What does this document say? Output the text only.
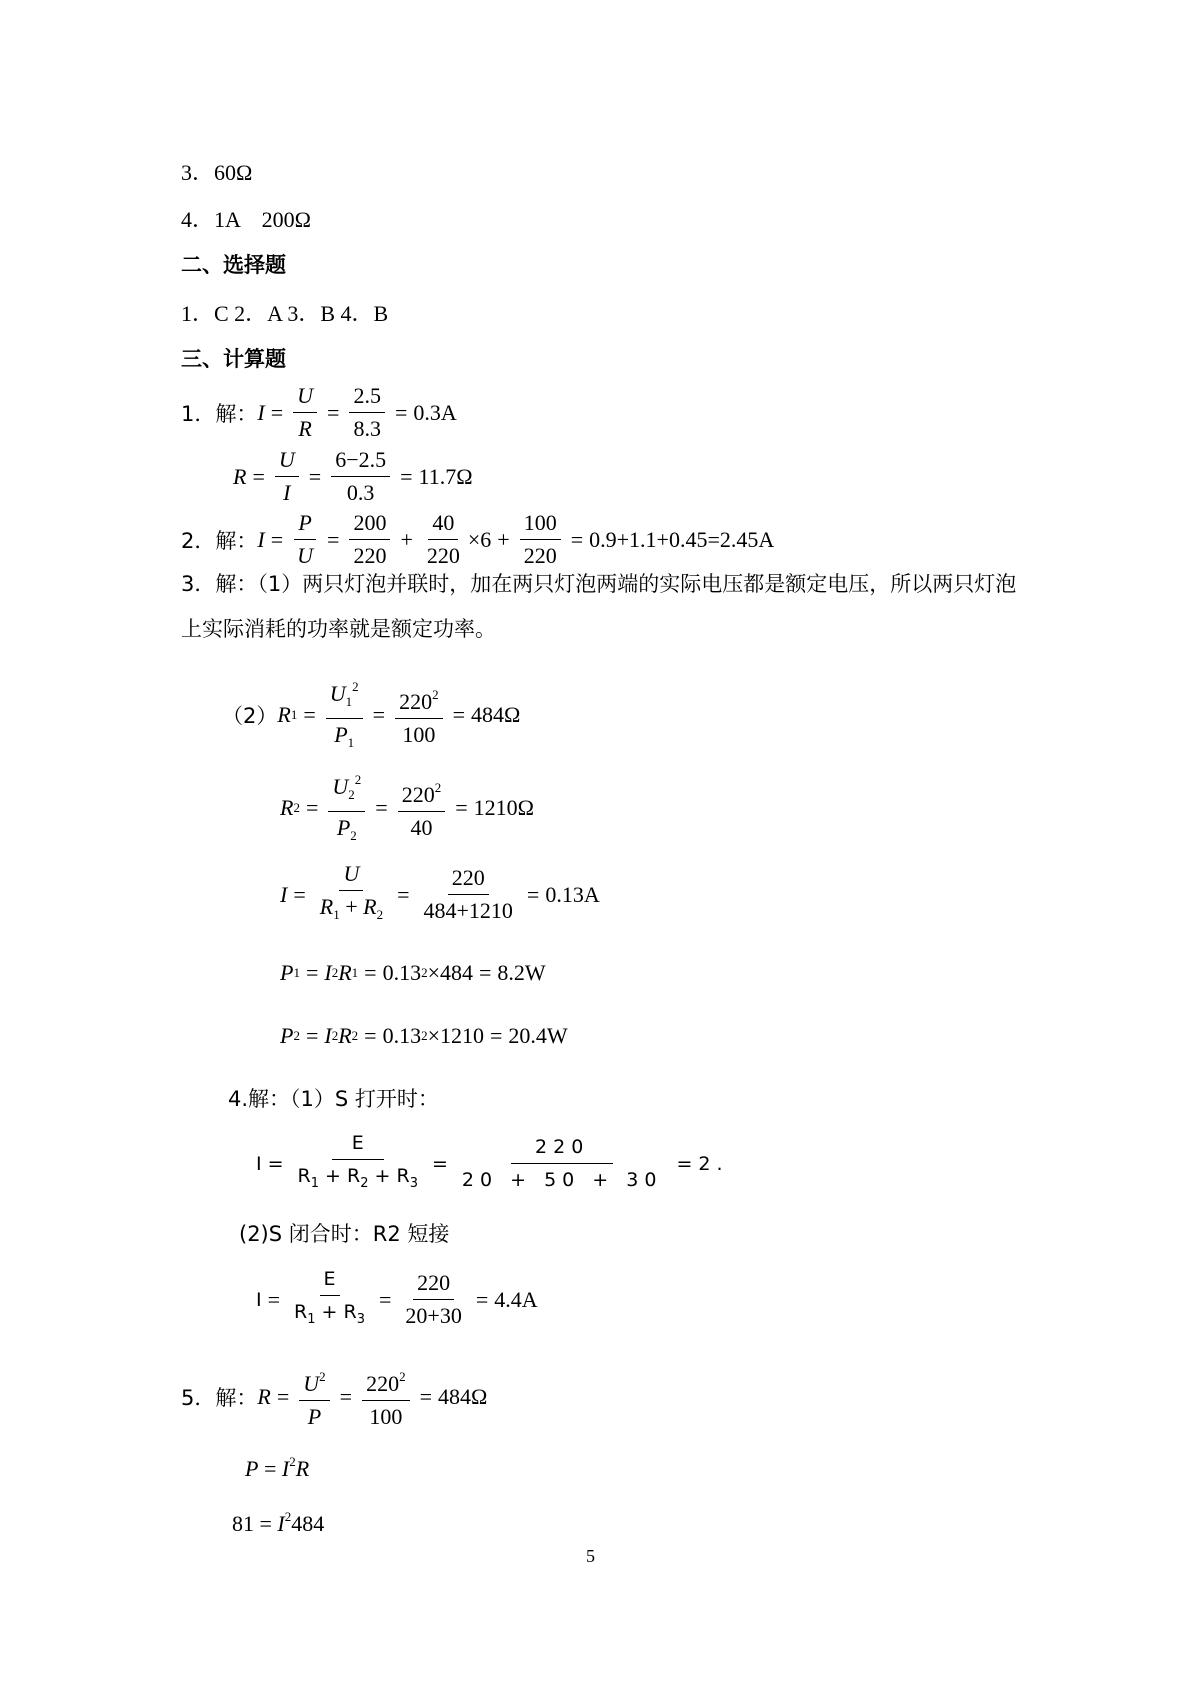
3．60Ω
4．1A　200Ω
二、选择题
1．C 2．A 3．B 4．B
三、计算题
1．解： $I = \frac{U}{R} = \frac{2.5}{8.3} = 0.3A$
$R = \frac{U}{I} = \frac{6-2.5}{0.3} = 11.7\Omega$
2．解： $I = \frac{P}{U} = \frac{200}{220} + \frac{40}{220} \times 6 + \frac{100}{220} = 0.9+1.1+0.45=2.45A$
3．解：（1）两只灯泡并联时，加在两只灯泡两端的实际电压都是额定电压，所以两只灯泡上实际消耗的功率就是额定功率。
（2） R $1 = \frac{U_1^2}{P_1} = \frac{220^2}{100} = 484\Omega$
R $2 = \frac{U_2^2}{P_2} = \frac{220^2}{40} = 1210\Omega$
$I = \frac{U}{R_1 + R_2} = \frac{220}{484+1210} = 0.13A$
P 1 = I 2 R 1 = 0.13 2 ×484 = 8.2W
P 2 = I 2 R 2 = 0.13 2 ×1210 = 20.4W
4.解：（1）S 打开时：
$I = \frac{E}{R_1 + R_2 + R_3} = \frac{220}{20 + 50 + 30} = 2$.
(2)S 闭合时：R2 短接
$I = \frac{E}{R_1 + R_3} = \frac{220}{20+30} = 4.4A$
5．解： $R = \frac{U^2}{P} = \frac{220^2}{100} = 484\Omega$
$P = I^2R$
$81 = I^2484$
5
